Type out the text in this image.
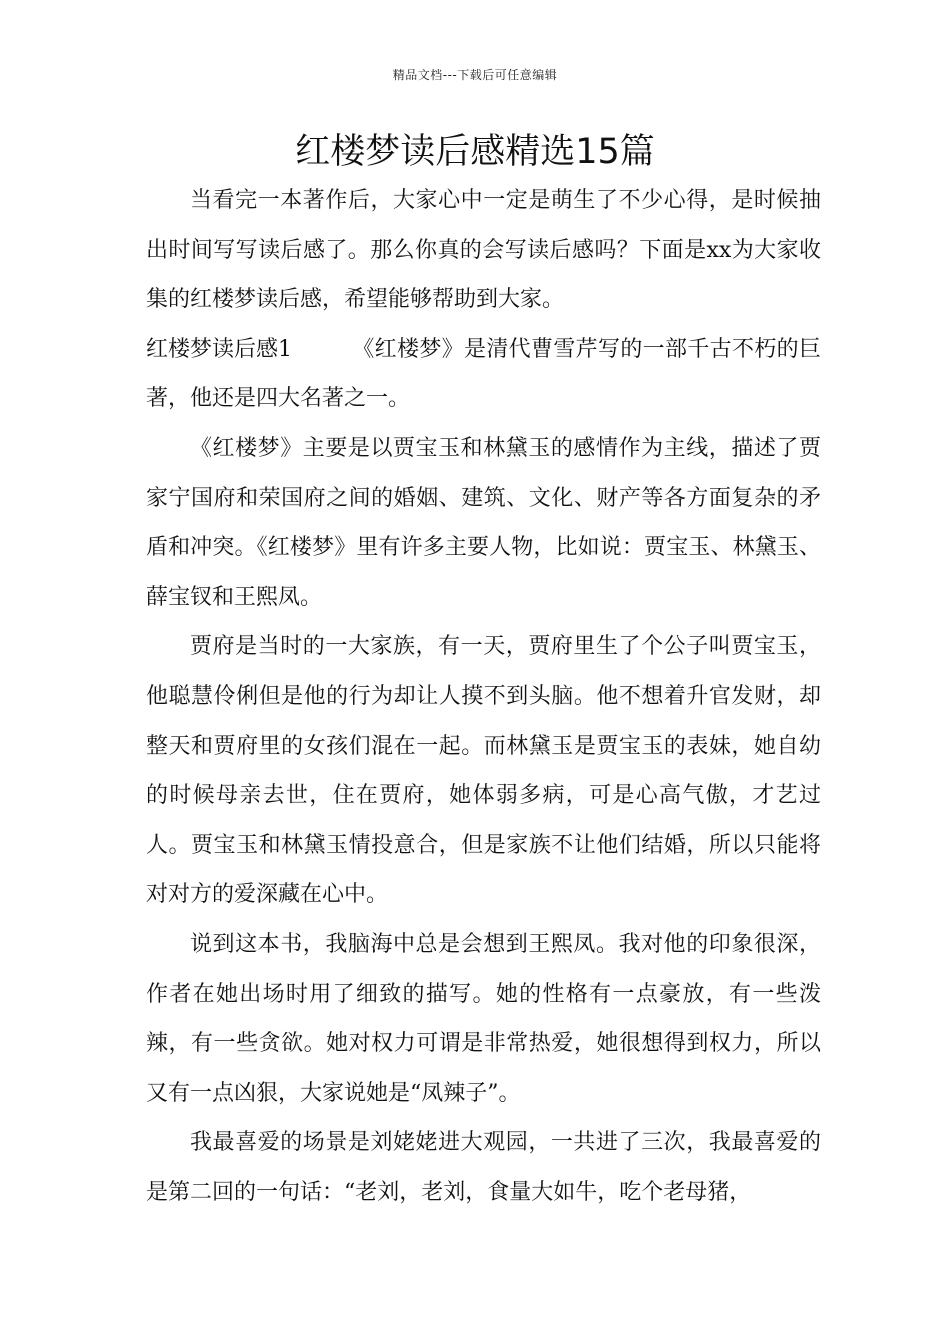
精品文档---下载后可任意编辑
红楼梦读后感精选15篇

当看完一本著作后，大家心中一定是萌生了不少心得，是时候抽出时间写写读后感了。那么你真的会写读后感吗？下面是xx为大家收集的红楼梦读后感，希望能够帮助到大家。

红楼梦读后感1	《红楼梦》是清代曹雪芹写的一部千古不朽的巨著，他还是四大名著之一。

《红楼梦》主要是以贾宝玉和林黛玉的感情作为主线，描述了贾家宁国府和荣国府之间的婚姻、建筑、文化、财产等各方面复杂的矛盾和冲突。《红楼梦》里有许多主要人物，比如说：贾宝玉、林黛玉、薛宝钗和王熙凤。

贾府是当时的一大家族，有一天，贾府里生了个公子叫贾宝玉，他聪慧伶俐但是他的行为却让人摸不到头脑。他不想着升官发财，却整天和贾府里的女孩们混在一起。而林黛玉是贾宝玉的表妹，她自幼的时候母亲去世，住在贾府，她体弱多病，可是心高气傲，才艺过人。贾宝玉和林黛玉情投意合，但是家族不让他们结婚，所以只能将对对方的爱深藏在心中。

说到这本书，我脑海中总是会想到王熙凤。我对他的印象很深，作者在她出场时用了细致的描写。她的性格有一点豪放，有一些泼辣，有一些贪欲。她对权力可谓是非常热爱，她很想得到权力，所以又有一点凶狠，大家说她是“凤辣子”。

我最喜爱的场景是刘姥姥进大观园，一共进了三次，我最喜爱的是第二回的一句话：“老刘，老刘，食量大如牛，吃个老母猪，
